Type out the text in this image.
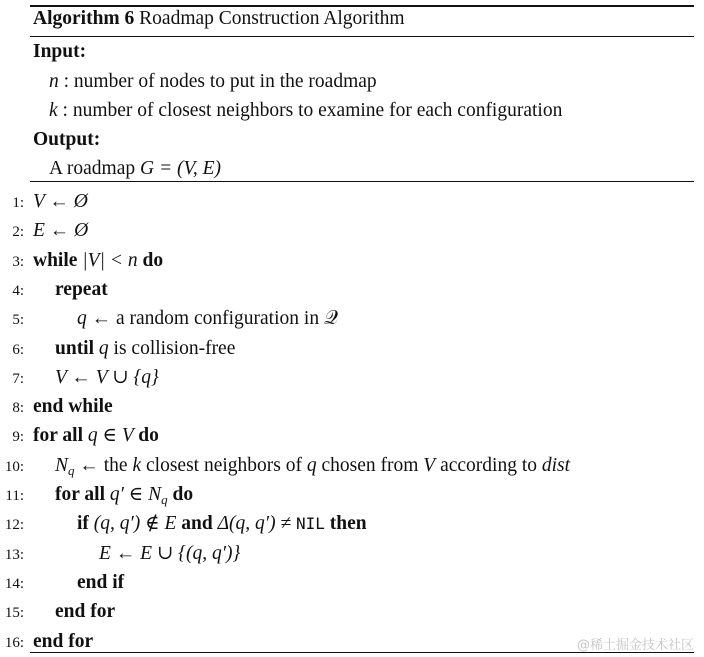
Algorithm 6 Roadmap Construction Algorithm
Input:
n : number of nodes to put in the roadmap
k : number of closest neighbors to examine for each configuration
Output:
A roadmap G = (V, E)
1: V ← Ø
2: E ← Ø
3: while |V| < n do
4: repeat
5:	q ← a random configuration in 𝒬
6: until q is collision-free
7: V ← V ∪ {q}
8: end while
9: for all q ∈ V do
10: $N_q$ ← the k closest neighbors of q chosen from V according to dist
11: for all q′ ∈ $N_q$ do
12:	if (q, q′) ∉ E and Δ(q, q′) ≠ NIL then
13:	E ← E ∪ {(q, q′)}
14:	end if
15: end for
16: end for	@稀土掘金技术社区
